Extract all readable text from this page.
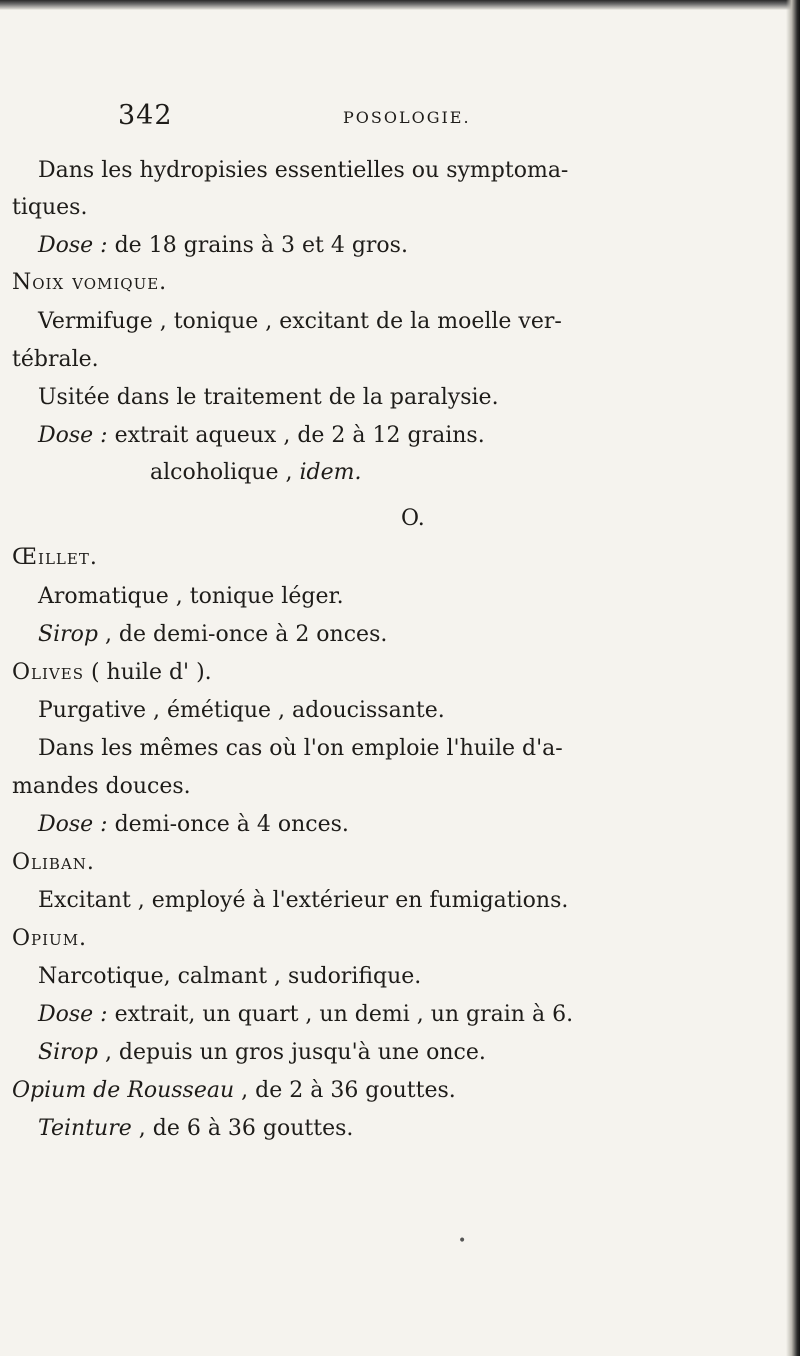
342	POSOLOGIE.
Dans les hydropisies essentielles ou symptoma-
tiques.
Dose : de 18 grains à 3 et 4 gros.
Noix vomique.
Vermifuge , tonique , excitant de la moelle ver-
tébrale.
Usitée dans le traitement de la paralysie.
Dose : extrait aqueux , de 2 à 12 grains.
alcoholique , idem.
O.
Œillet.
Aromatique , tonique léger.
Sirop , de demi-once à 2 onces.
Olives ( huile d' ).
Purgative , émétique , adoucissante.
Dans les mêmes cas où l'on emploie l'huile d'a-
mandes douces.
Dose : demi-once à 4 onces.
Oliban.
Excitant , employé à l'extérieur en fumigations.
Opium.
Narcotique, calmant , sudorifique.
Dose : extrait, un quart , un demi , un grain à 6.
Sirop , depuis un gros jusqu'à une once.
Opium de Rousseau , de 2 à 36 gouttes.
Teinture , de 6 à 36 gouttes.
•
